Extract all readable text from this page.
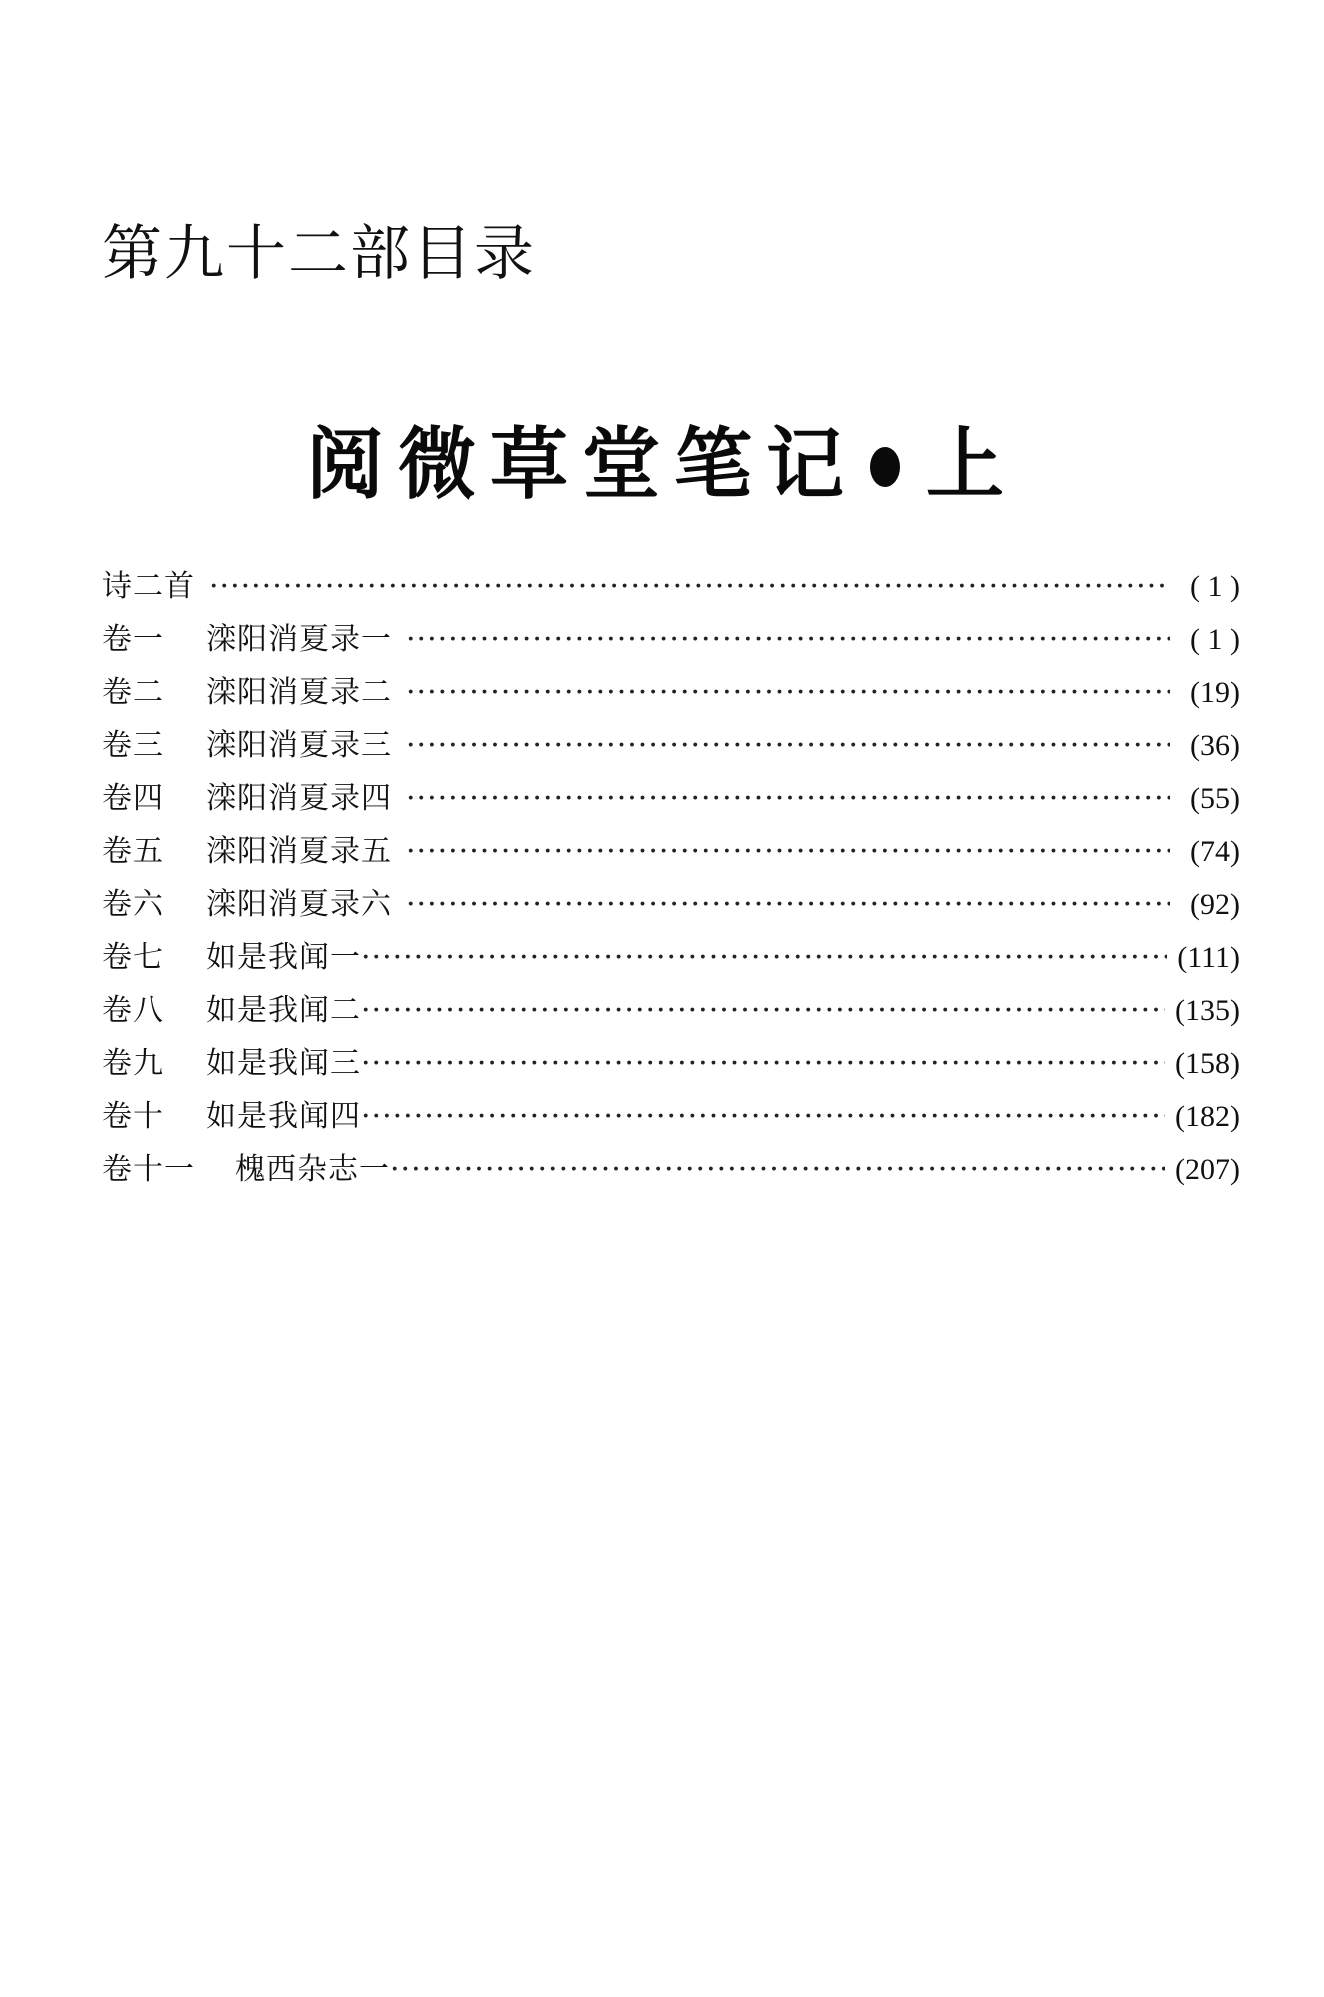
第九十二部目录
阅微草堂笔记 上
诗二首 ·····	( 1 )
卷一 滦阳消夏录一 ·····	( 1 )
卷二 滦阳消夏录二 ·····	(19)
卷三 滦阳消夏录三 ·····	(36)
卷四 滦阳消夏录四 ·····	(55)
卷五 滦阳消夏录五 ·····	(74)
卷六 滦阳消夏录六 ·····	(92)
卷七 如是我闻一 ·····	(111)
卷八 如是我闻二 ·····	(135)
卷九 如是我闻三 ·····	(158)
卷十 如是我闻四 ·····	(182)
卷十一 槐西杂志一 ·····	(207)
